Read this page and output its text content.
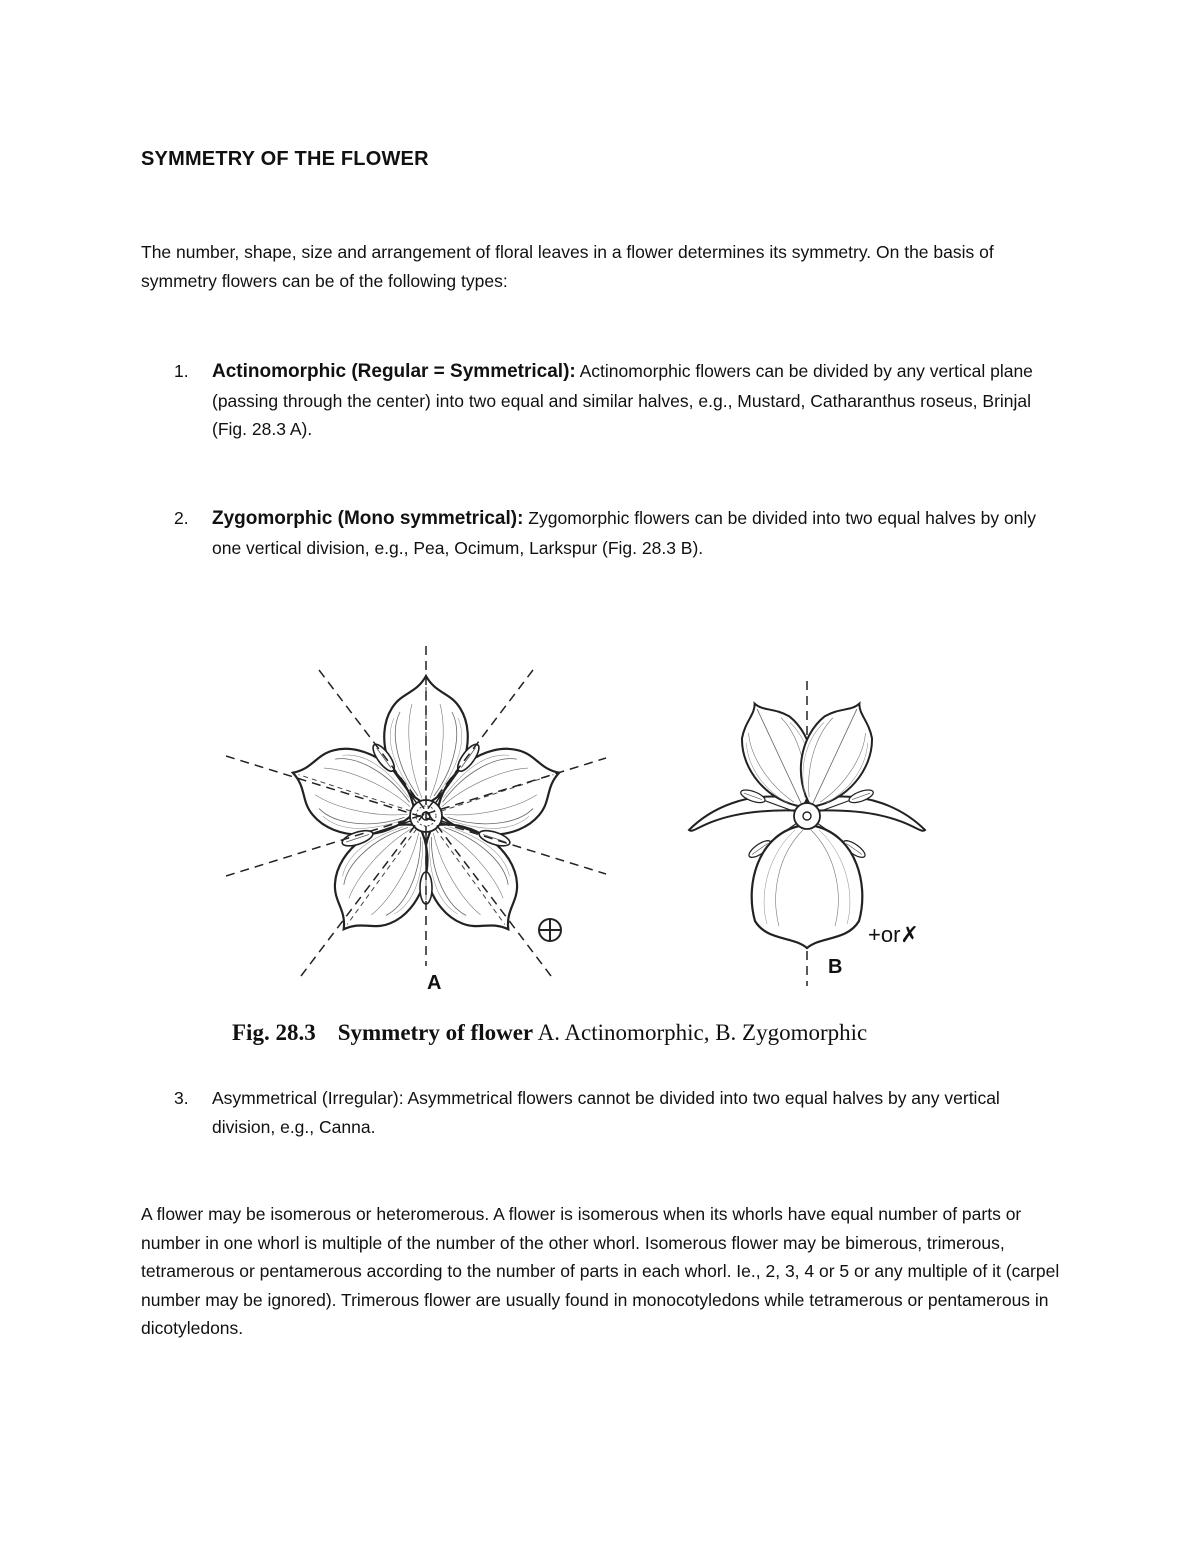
SYMMETRY OF THE FLOWER

The number, shape, size and arrangement of floral leaves in a flower determines its symmetry. On the basis of symmetry flowers can be of the following types:

1. Actinomorphic (Regular = Symmetrical): Actinomorphic flowers can be divided by any vertical plane (passing through the center) into two equal and similar halves, e.g., Mustard, Catharanthus roseus, Brinjal (Fig. 28.3 A).
2. Zygomorphic (Mono symmetrical): Zygomorphic flowers can be divided into two equal halves by only one vertical division, e.g., Pea, Ocimum, Larkspur (Fig. 28.3 B).
A
B
+or✗
Fig. 28.3 Symmetry of flower A. Actinomorphic, B. Zygomorphic
3. Asymmetrical (Irregular): Asymmetrical flowers cannot be divided into two equal halves by any vertical division, e.g., Canna.

A flower may be isomerous or heteromerous. A flower is isomerous when its whorls have equal number of parts or number in one whorl is multiple of the number of the other whorl. Isomerous flower may be bimerous, trimerous, tetramerous or pentamerous according to the number of parts in each whorl. Ie., 2, 3, 4 or 5 or any multiple of it (carpel number may be ignored). Trimerous flower are usually found in monocotyledons while tetramerous or pentamerous in dicotyledons.
